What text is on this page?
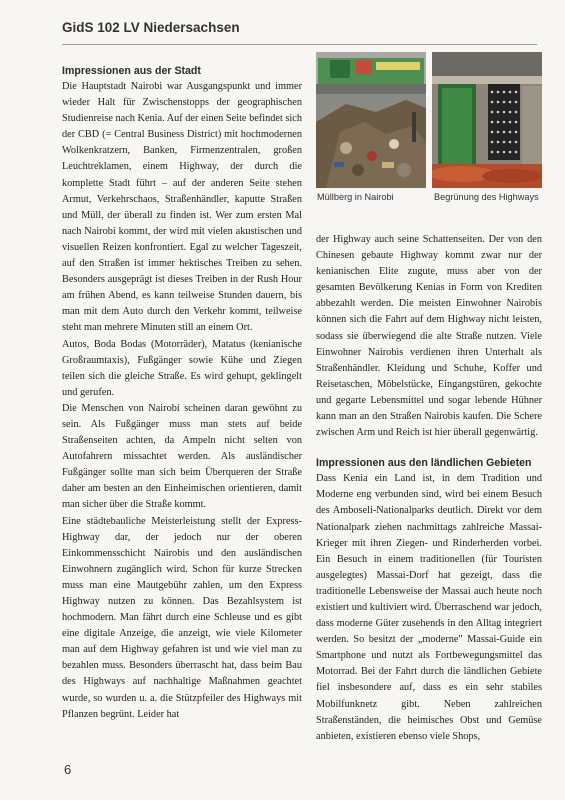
GidS 102 LV Niedersachsen
Impressionen aus der Stadt

Die Hauptstadt Nairobi war Ausgangspunkt und immer wieder Halt für Zwischenstopps der geographischen Studienreise nach Kenia. Auf der einen Seite befindet sich der CBD (= Central Business District) mit hochmodernen Wolkenkratzern, Banken, Firmenzentralen, großen Leuchtreklamen, einem Highway, der durch die komplette Stadt führt – auf der anderen Seite stehen Armut, Verkehrschaos, Straßenhändler, kaputte Straßen und Müll, der überall zu finden ist. Wer zum ersten Mal nach Nairobi kommt, der wird mit vielen akustischen und visuellen Reizen konfrontiert. Egal zu welcher Tageszeit, auf den Straßen ist immer hektisches Treiben zu sehen. Besonders ausgeprägt ist dieses Treiben in der Rush Hour am frühen Abend, es kann teilweise Stunden dauern, bis man mit dem Auto durch den Verkehr kommt, teilweise steht man mehrere Minuten still an einem Ort.

Autos, Boda Bodas (Motorräder), Matatus (kenianische Großraumtaxis), Fußgänger sowie Kühe und Ziegen teilen sich die gleiche Straße. Es wird gehupt, geklingelt und gerufen.

Die Menschen von Nairobi scheinen daran gewöhnt zu sein. Als Fußgänger muss man stets auf beide Straßenseiten achten, da Ampeln nicht selten von Autofahrern missachtet werden. Als ausländischer Fußgänger sollte man sich beim Überqueren der Straße daher am besten an den Einheimischen orientieren, damit man sicher über die Straße kommt.

Eine städtebauliche Meisterleistung stellt der Express-Highway dar, der jedoch nur der oberen Einkommensschicht Nairobis und den ausländischen Einwohnern zugänglich wird. Schon für kurze Strecken muss man eine Mautgebühr zahlen, um den Express Highway nutzen zu können. Das Bezahlsystem ist hochmodern. Man fährt durch eine Schleuse und es gibt eine digitale Anzeige, die anzeigt, wie viele Kilometer man auf dem Highway gefahren ist und wie viel man zu bezahlen muss. Besonders überrascht hat, dass beim Bau des Highways auf nachhaltige Maßnahmen geachtet wurde, so wurden u. a. die Stützpfeiler des Highways mit Pflanzen begrünt. Leider hat

Müllberg in Nairobi	Begrünung des Highways

der Highway auch seine Schattenseiten. Der von den Chinesen gebaute Highway kommt zwar nur der kenianischen Elite zugute, muss aber von der gesamten Bevölkerung Kenias in Form von Krediten abbezahlt werden. Die meisten Einwohner Nairobis können sich die Fahrt auf dem Highway nicht leisten, sodass sie überwiegend die alte Straße nutzen. Viele Einwohner Nairobis verdienen ihren Unterhalt als Straßenhändler. Kleidung und Schuhe, Koffer und Reisetaschen, Möbelstücke, Eingangstüren, gekochte und gegarte Lebensmittel und sogar lebende Hühner kann man an den Straßen Nairobis kaufen. Die Schere zwischen Arm und Reich ist hier überall gegenwärtig.

Impressionen aus den ländlichen Gebieten

Dass Kenia ein Land ist, in dem Tradition und Moderne eng verbunden sind, wird bei einem Besuch des Amboseli-Nationalparks deutlich. Direkt vor dem Nationalpark ziehen nachmittags zahlreiche Massai-Krieger mit ihren Ziegen- und Rinderherden vorbei. Ein Besuch in einem traditionellen (für Touristen ausgelegtes) Massai-Dorf hat gezeigt, dass die traditionelle Lebensweise der Massai auch heute noch existiert und kultiviert wird. Überraschend war jedoch, dass moderne Güter zusehends in den Alltag integriert werden. So besitzt der „moderne" Massai-Guide ein Smartphone und nutzt als Fortbewegungsmittel das Motorrad. Bei der Fahrt durch die ländlichen Gebiete fiel insbesondere auf, dass es ein sehr stabiles Mobilfunknetz gibt. Neben zahlreichen Straßenständen, die heimisches Obst und Gemüse anbieten, existieren ebenso viele Shops,

6
